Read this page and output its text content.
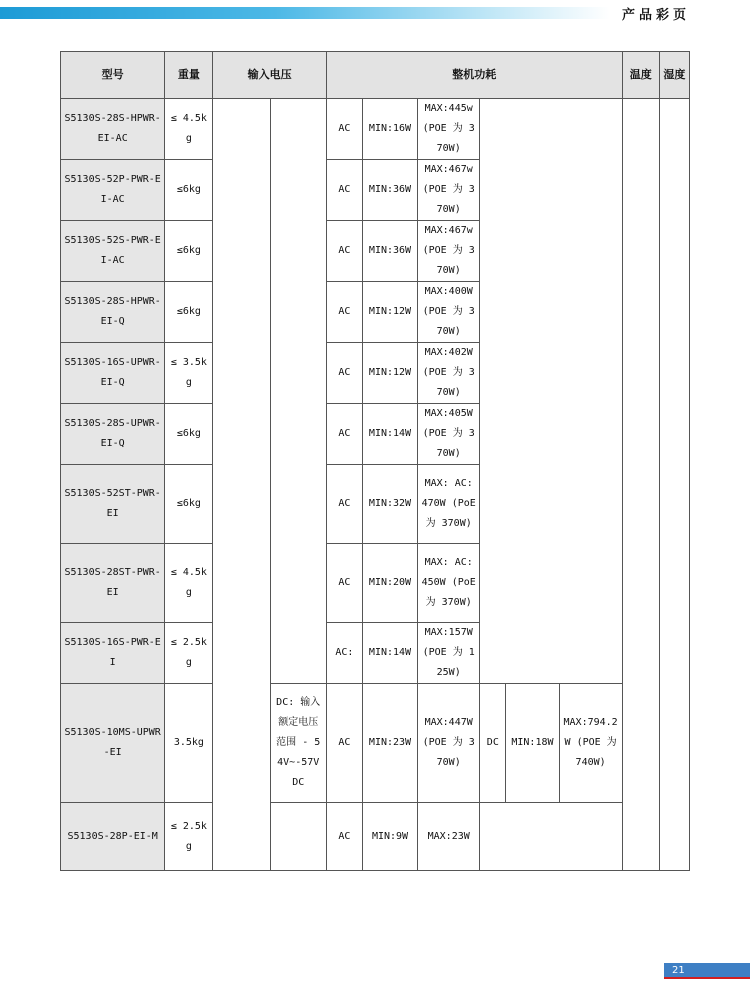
产品彩页
型号	重量	输入电压		整机功耗						温度	湿度
S5130S-28S-HPWR-EI-AC	≤ 4.5kg			AC	MIN:16W	MAX:445w (POE 为 370W)					
S5130S-52P-PWR-EI-AC	≤6kg			AC	MIN:36W	MAX:467w (POE 为 370W)					
S5130S-52S-PWR-EI-AC	≤6kg			AC	MIN:36W	MAX:467w (POE 为 370W)					
S5130S-28S-HPWR-EI-Q	≤6kg			AC	MIN:12W	MAX:400W (POE 为 370W)					
S5130S-16S-UPWR-EI-Q	≤ 3.5kg			AC	MIN:12W	MAX:402W (POE 为 370W)					
S5130S-28S-UPWR-EI-Q	≤6kg			AC	MIN:14W	MAX:405W (POE 为 370W)					
S5130S-52ST-PWR-EI	≤6kg			AC	MIN:32W	MAX: AC: 470W (PoE 为 370W)					
S5130S-28ST-PWR-EI	≤ 4.5kg			AC	MIN:20W	MAX: AC: 450W (PoE 为 370W)					
S5130S-16S-PWR-EI	≤ 2.5kg			AC:	MIN:14W	MAX:157W (POE 为 125W)					
S5130S-10MS-UPWR-EI	3.5kg		DC: 输入额定电压范围 - 54V~-57V DC	AC	MIN:23W	MAX:447W (POE 为 370W)	DC	MIN:18W	MAX:794.2W (POE 为 740W)		
S5130S-28P-EI-M	≤ 2.5kg			AC	MIN:9W	MAX:23W					
21
